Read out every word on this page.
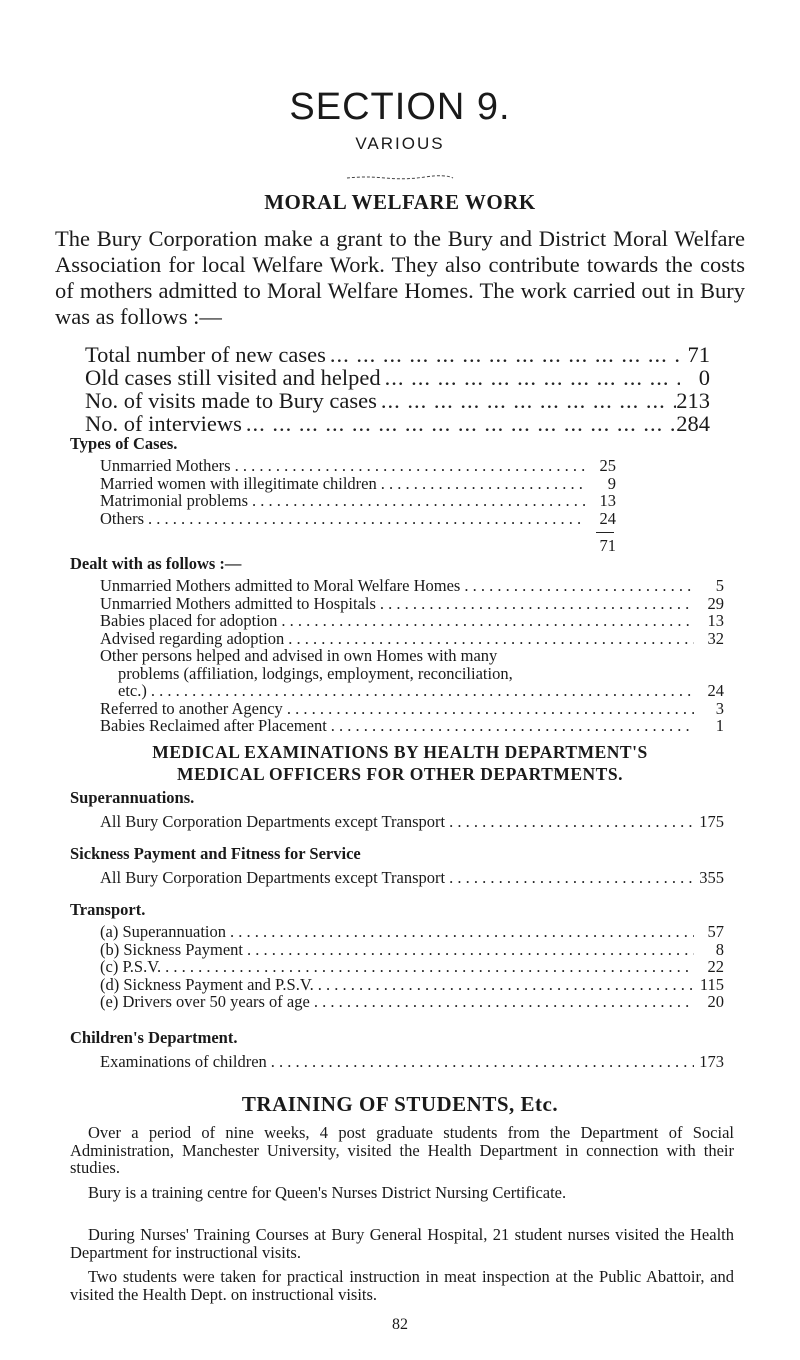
SECTION 9.
VARIOUS
MORAL WELFARE WORK

The Bury Corporation make a grant to the Bury and District Moral Welfare Association for local Welfare Work. They also contribute towards the costs of mothers admitted to Moral Welfare Homes. The work carried out in Bury was as follows :—

Total number of new cases ... .	71
Old cases still visited and helped ... .	0
No. of visits made to Bury cases ... .	213
No. of interviews ... .	284
Types of Cases.
Unmarried Mothers . . .	25
Married women with illegitimate children . . .	9
Matrimonial problems . . .	13
Others . . .	24
71
Dealt with as follows :—
Unmarried Mothers admitted to Moral Welfare Homes . . .	5
Unmarried Mothers admitted to Hospitals . . .	29
Babies placed for adoption . . .	13
Advised regarding adoption . . .	32
Other persons helped and advised in own Homes with many
problems (affiliation, lodgings, employment, reconciliation,
etc.) . . .	24
Referred to another Agency . . .	3
Babies Reclaimed after Placement . . .	1
MEDICAL EXAMINATIONS BY HEALTH DEPARTMENT'S
MEDICAL OFFICERS FOR OTHER DEPARTMENTS.
Superannuations.
All Bury Corporation Departments except Transport . . .	175
Sickness Payment and Fitness for Service
All Bury Corporation Departments except Transport . . .	355
Transport.
(a) Superannuation . . .	57
(b) Sickness Payment . . .	8
(c) P.S.V. . . .	22
(d) Sickness Payment and P.S.V. . . .	115
(e) Drivers over 50 years of age . . .	20
Children's Department.
Examinations of children . . .	173
TRAINING OF STUDENTS, Etc.

Over a period of nine weeks, 4 post graduate students from the Department of Social Administration, Manchester University, visited the Health Department in connection with their studies.

Bury is a training centre for Queen's Nurses District Nursing Certificate.

During Nurses' Training Courses at Bury General Hospital, 21 student nurses visited the Health Department for instructional visits.

Two students were taken for practical instruction in meat inspection at the Public Abattoir, and visited the Health Dept. on instructional visits.

82
